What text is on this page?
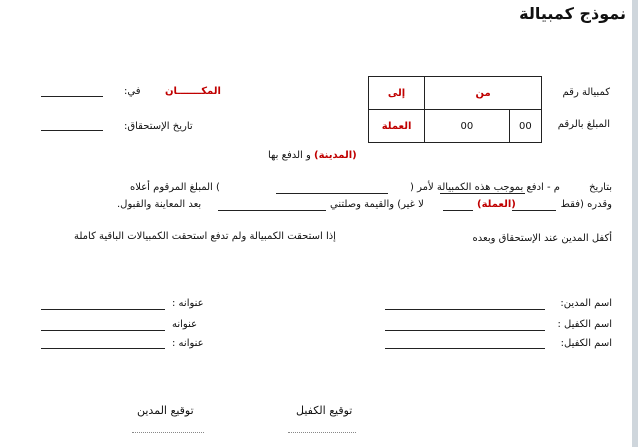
نموذج كمبيالة
كمبيالة رقم
المبلغ بالرقم
إلى	من	
العملة	00	00
المكـــــــان
في:
تاريخ الإستحقاق:
(المدينة) و الدفع بها
بتاريخ
م - ادفع بموجب هذه الكمبيالة لأمر (
) المبلغ المرقوم أعلاه
وقدره (فقط
(العملة)
لا غير) والقيمة وصلتني
بعد المعاينة والقبول.
أكفل المدين عند الإستحقاق وبعده
إذا استحقت الكمبيالة ولم تدفع استحقت الكمبيالات الباقية كاملة
اسم المدين:
اسم الكفيل :
اسم الكفيل:
عنوانه :
عنوانه
عنوانه :
توقيع الكفيل
توقيع المدين
